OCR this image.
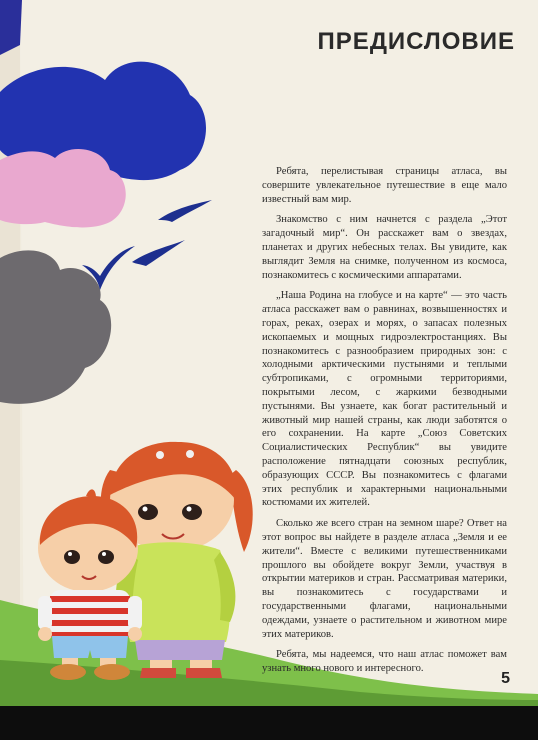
ПРЕДИСЛОВИЕ

Ребята, перелистывая страницы атласа, вы совершите увлекательное путешествие в еще мало известный вам мир.

Знакомство с ним начнется с раздела „Этот загадочный мир“. Он расскажет вам о звездах, планетах и других небесных телах. Вы увидите, как выглядит Земля на снимке, полученном из космоса, познакомитесь с космическими аппаратами.

„Наша Родина на глобусе и на карте“ — это часть атласа расскажет вам о равнинах, возвышенностях и горах, реках, озерах и морях, о запасах полезных ископаемых и мощных гидроэлектростанциях. Вы познакомитесь с разнообразием природных зон: с холодными арктическими пустынями и теплыми субтропиками, с огромными территориями, покрытыми лесом, с жаркими безводными пустынями. Вы узнаете, как богат растительный и животный мир нашей страны, как люди заботятся о его сохранении. На карте „Союз Советских Социалистических Республик“ вы увидите расположение пятнадцати союзных республик, образующих СССР. Вы познакомитесь с флагами этих республик и характерными национальными костюмами их жителей.

Сколько же всего стран на земном шаре? Ответ на этот вопрос вы найдете в разделе атласа „Земля и ее жители“. Вместе с великими путешественниками прошлого вы обойдете вокруг Земли, участвуя в открытии материков и стран. Рассматривая материки, вы познакомитесь с государствами и государственными флагами, национальными одеждами, узнаете о растительном и животном мире этих материков.

Ребята, мы надеемся, что наш атлас поможет вам узнать много нового и интересного.

5
